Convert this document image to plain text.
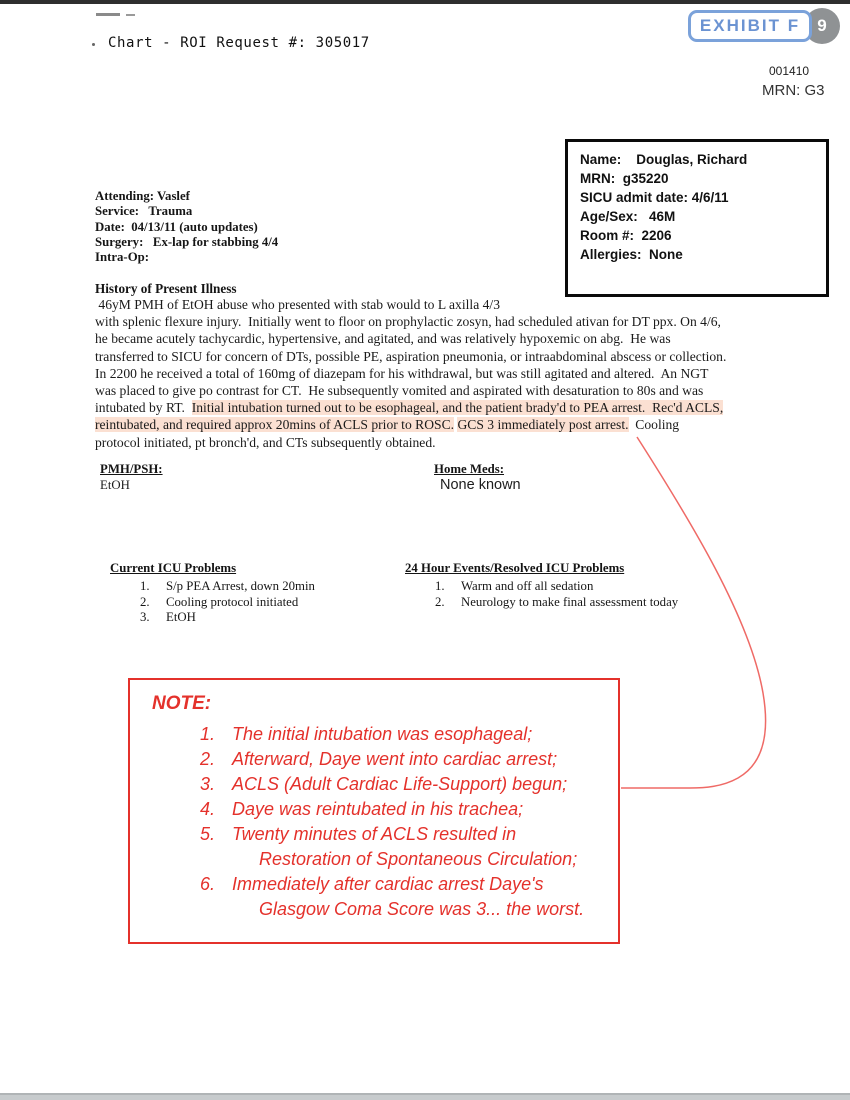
Chart - ROI Request #: 305017
9
EXHIBIT F
001410
MRN: G3
Name:    Douglas, Richard
MRN:  g35220
SICU admit date: 4/6/11
Age/Sex:   46M
Room #:  2206
Allergies:  None
Attending: Vaslef
Service:   Trauma
Date:  04/13/11 (auto updates)
Surgery:   Ex-lap for stabbing 4/4
Intra-Op:
History of Present Illness
46yM PMH of EtOH abuse who presented with stab would to L axilla 4/3
with splenic flexure injury.  Initially went to floor on prophylactic zosyn, had scheduled ativan for DT ppx. On 4/6,
he became acutely tachycardic, hypertensive, and agitated, and was relatively hypoxemic on abg.  He was
transferred to SICU for concern of DTs, possible PE, aspiration pneumonia, or intraabdominal abscess or collection.
In 2200 he received a total of 160mg of diazepam for his withdrawal, but was still agitated and altered.  An NGT
was placed to give po contrast for CT.  He subsequently vomited and aspirated with desaturation to 80s and was
intubated by RT.  Initial intubation turned out to be esophageal, and the patient brady'd to PEA arrest.  Rec'd ACLS,
reintubated, and required approx 20mins of ACLS prior to ROSC. GCS 3 immediately post arrest.  Cooling
protocol initiated, pt bronch'd, and CTs subsequently obtained.
PMH/PSH:
EtOH
Home Meds:
None known
Current ICU Problems
1.	S/p PEA Arrest, down 20min
2.	Cooling protocol initiated
3.	EtOH
24 Hour Events/Resolved ICU Problems
1.	Warm and off all sedation
2.	Neurology to make final assessment today
NOTE:
1. The initial intubation was esophageal;
2. Afterward, Daye went into cardiac arrest;
3. ACLS (Adult Cardiac Life-Support) begun;
4. Daye was reintubated in his trachea;
5. Twenty minutes of ACLS resulted in
Restoration of Spontaneous Circulation;
6. Immediately after cardiac arrest Daye's
Glasgow Coma Score was 3... the worst.
